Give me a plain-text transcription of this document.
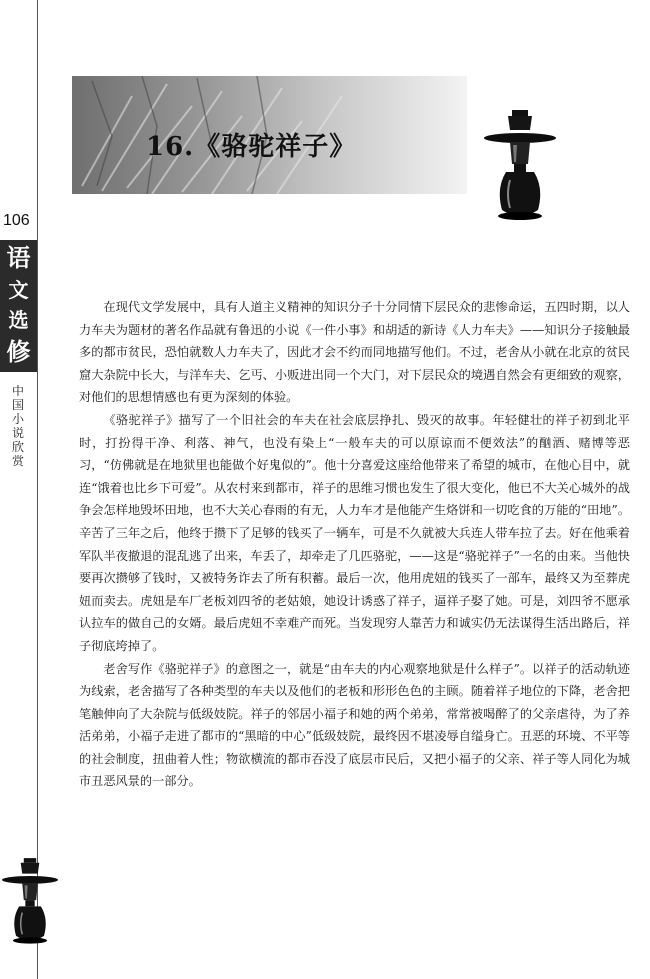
16.《骆驼祥子》
106
语
文
选
修
中国小说欣赏

在现代文学发展中，具有人道主义精神的知识分子十分同情下层民众的悲惨命运，五四时期，以人力车夫为题材的著名作品就有鲁迅的小说《一件小事》和胡适的新诗《人力车夫》——知识分子接触最多的都市贫民，恐怕就数人力车夫了，因此才会不约而同地描写他们。不过，老舍从小就在北京的贫民窟大杂院中长大，与洋车夫、乞丐、小贩进出同一个大门，对下层民众的境遇自然会有更细致的观察，对他们的思想情感也有更为深刻的体验。

《骆驼祥子》描写了一个旧社会的车夫在社会底层挣扎、毁灭的故事。年轻健壮的祥子初到北平时，打扮得干净、利落、神气，也没有染上“一般车夫的可以原谅而不便效法”的酗酒、赌博等恶习，“仿佛就是在地狱里也能做个好鬼似的”。他十分喜爱这座给他带来了希望的城市，在他心目中，就连“饿着也比乡下可爱”。从农村来到都市，祥子的思维习惯也发生了很大变化，他已不大关心城外的战争会怎样地毁坏田地，也不大关心春雨的有无，人力车才是他能产生烙饼和一切吃食的万能的“田地”。辛苦了三年之后，他终于攒下了足够的钱买了一辆车，可是不久就被大兵连人带车拉了去。好在他乘着军队半夜撤退的混乱逃了出来，车丢了，却牵走了几匹骆驼，——这是“骆驼祥子”一名的由来。当他快要再次攒够了钱时，又被特务诈去了所有积蓄。最后一次，他用虎妞的钱买了一部车，最终又为至葬虎妞而卖去。虎妞是车厂老板刘四爷的老姑娘，她设计诱惑了祥子，逼祥子娶了她。可是，刘四爷不愿承认拉车的做自己的女婿。最后虎妞不幸难产而死。当发现穷人靠苦力和诚实仍无法谋得生活出路后，祥子彻底垮掉了。

老舍写作《骆驼祥子》的意图之一，就是“由车夫的内心观察地狱是什么样子”。以祥子的活动轨迹为线索，老舍描写了各种类型的车夫以及他们的老板和形形色色的主顾。随着祥子地位的下降，老舍把笔触伸向了大杂院与低级妓院。祥子的邻居小福子和她的两个弟弟，常常被喝醉了的父亲虐待，为了养活弟弟，小福子走进了都市的“黑暗的中心”低级妓院，最终因不堪凌辱自缢身亡。丑恶的环境、不平等的社会制度，扭曲着人性；物欲横流的都市吞没了底层市民后，又把小福子的父亲、祥子等人同化为城市丑恶风景的一部分。
